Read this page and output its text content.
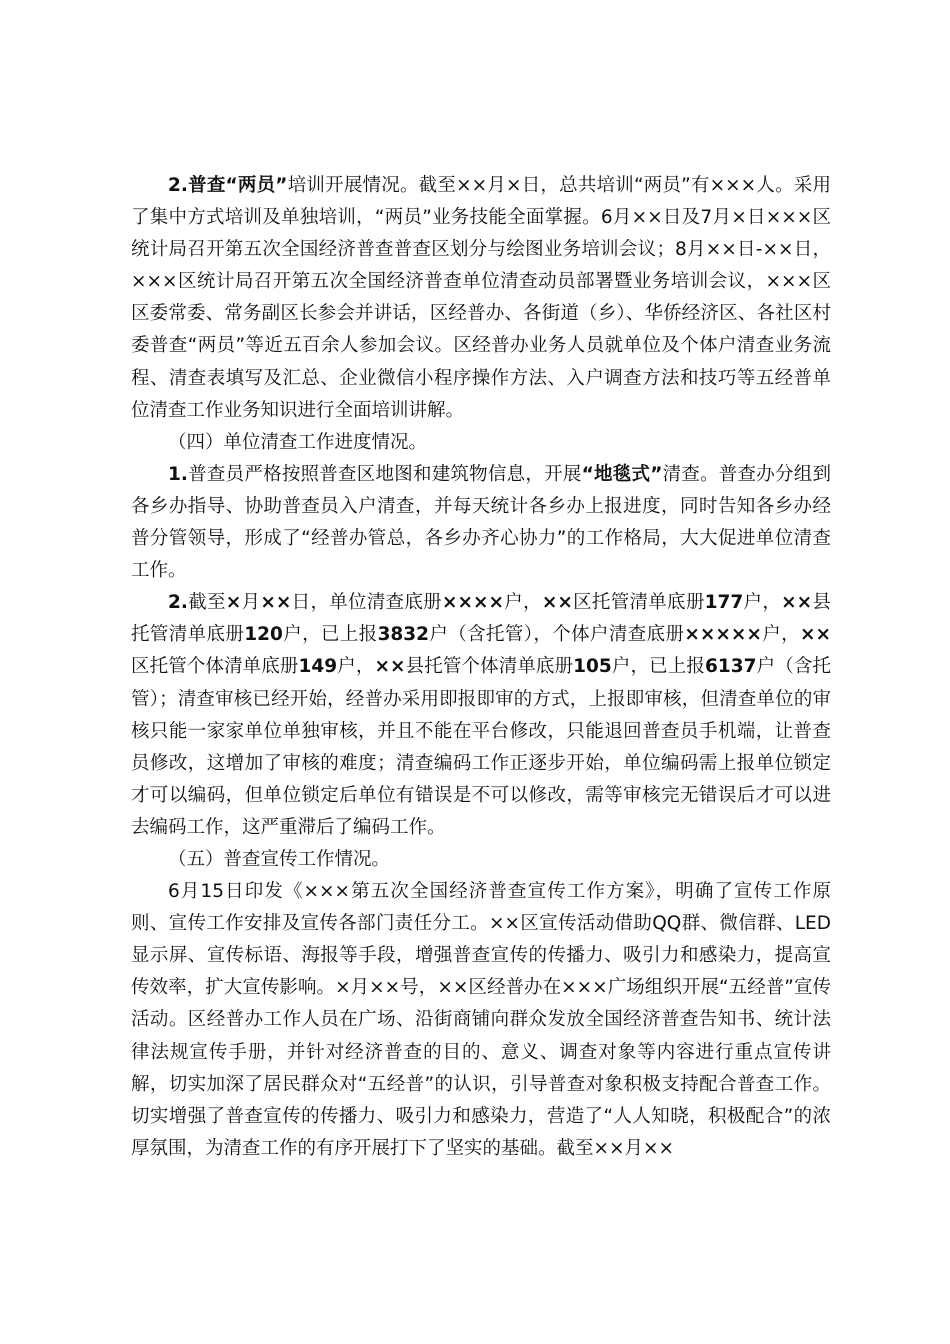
2.普查“两员”培训开展情况。截至××月×日，总共培训“两员”有×××人。采用了集中方式培训及单独培训，“两员”业务技能全面掌握。6月××日及7月×日×××区统计局召开第五次全国经济普查普查区划分与绘图业务培训会议；8月××日-××日，×××区统计局召开第五次全国经济普查单位清查动员部署暨业务培训会议，×××区区委常委、常务副区长参会并讲话，区经普办、各街道（乡）、华侨经济区、各社区村委普查“两员”等近五百余人参加会议。区经普办业务人员就单位及个体户清查业务流程、清查表填写及汇总、企业微信小程序操作方法、入户调查方法和技巧等五经普单位清查工作业务知识进行全面培训讲解。

（四）单位清查工作进度情况。

1.普查员严格按照普查区地图和建筑物信息，开展“地毯式”清查。普查办分组到各乡办指导、协助普查员入户清查，并每天统计各乡办上报进度，同时告知各乡办经普分管领导，形成了“经普办管总，各乡办齐心协力”的工作格局，大大促进单位清查工作。

2.截至×月××日，单位清查底册××××户，××区托管清单底册177户，××县托管清单底册120户，已上报3832户（含托管），个体户清查底册×××××户，××区托管个体清单底册149户，××县托管个体清单底册105户，已上报6137户（含托管）；清查审核已经开始，经普办采用即报即审的方式，上报即审核，但清查单位的审核只能一家家单位单独审核，并且不能在平台修改，只能退回普查员手机端，让普查员修改，这增加了审核的难度；清查编码工作正逐步开始，单位编码需上报单位锁定才可以编码，但单位锁定后单位有错误是不可以修改，需等审核完无错误后才可以进去编码工作，这严重滞后了编码工作。

（五）普查宣传工作情况。

6月15日印发《×××第五次全国经济普查宣传工作方案》，明确了宣传工作原则、宣传工作安排及宣传各部门责任分工。××区宣传活动借助QQ群、微信群、LED显示屏、宣传标语、海报等手段，增强普查宣传的传播力、吸引力和感染力，提高宣传效率，扩大宣传影响。×月××号，××区经普办在×××广场组织开展“五经普”宣传活动。区经普办工作人员在广场、沿街商铺向群众发放全国经济普查告知书、统计法律法规宣传手册，并针对经济普查的目的、意义、调查对象等内容进行重点宣传讲解，切实加深了居民群众对“五经普”的认识，引导普查对象积极支持配合普查工作。切实增强了普查宣传的传播力、吸引力和感染力，营造了“人人知晓，积极配合”的浓厚氛围，为清查工作的有序开展打下了坚实的基础。截至××月××
